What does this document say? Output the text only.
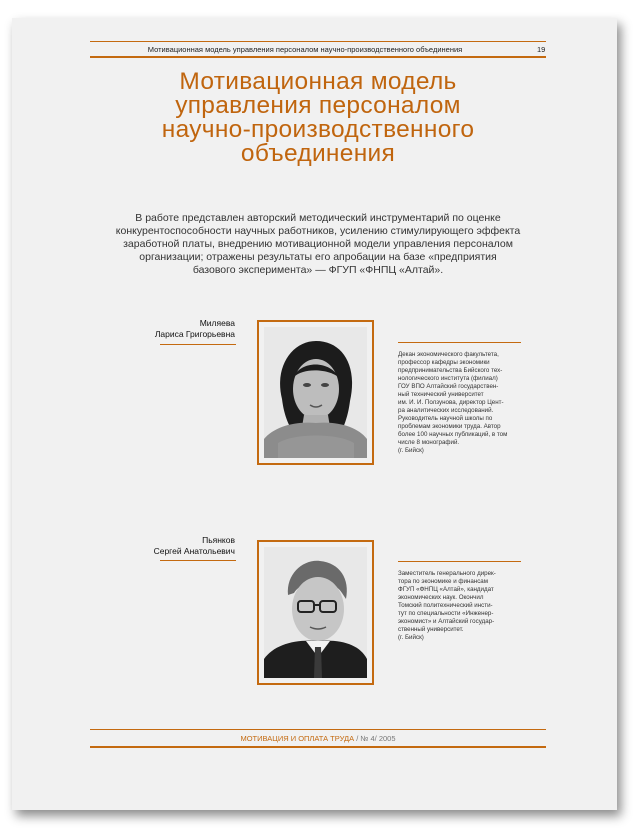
Мотивационная модель управления персоналом научно-производственного объединения	19
Мотивационная модель
управления персоналом
научно-производственного
объединения
В работе представлен авторский методический инструментарий по оценке
конкурентоспособности научных работников, усилению стимулирующего эффекта
заработной платы, внедрению мотивационной модели управления персоналом
организации; отражены результаты его апробации на базе «предприятия
базового эксперимента» — ФГУП «ФНПЦ «Алтай».
Миляева
Лариса Григорьевна
Декан экономического факультета,
профессор кафедры экономики
предпринимательства Бийского тех-
нологического института (филиал)
ГОУ ВПО Алтайский государствен-
ный технический университет
им. И. И. Ползунова, директор Цент-
ра аналитических исследований.
Руководитель научной школы по
проблемам экономики труда. Автор
более 100 научных публикаций, в том
числе 8 монографий.
(г. Бийск)
Пьянков
Сергей Анатольевич
Заместитель генерального дирек-
тора по экономике и финансам
ФГУП «ФНПЦ «Алтай», кандидат
экономических наук. Окончил
Томский политехнический инсти-
тут по специальности «Инженер-
экономист» и Алтайский государ-
ственный университет.
(г. Бийск)
МОТИВАЦИЯ И ОПЛАТА ТРУДА / № 4/ 2005
